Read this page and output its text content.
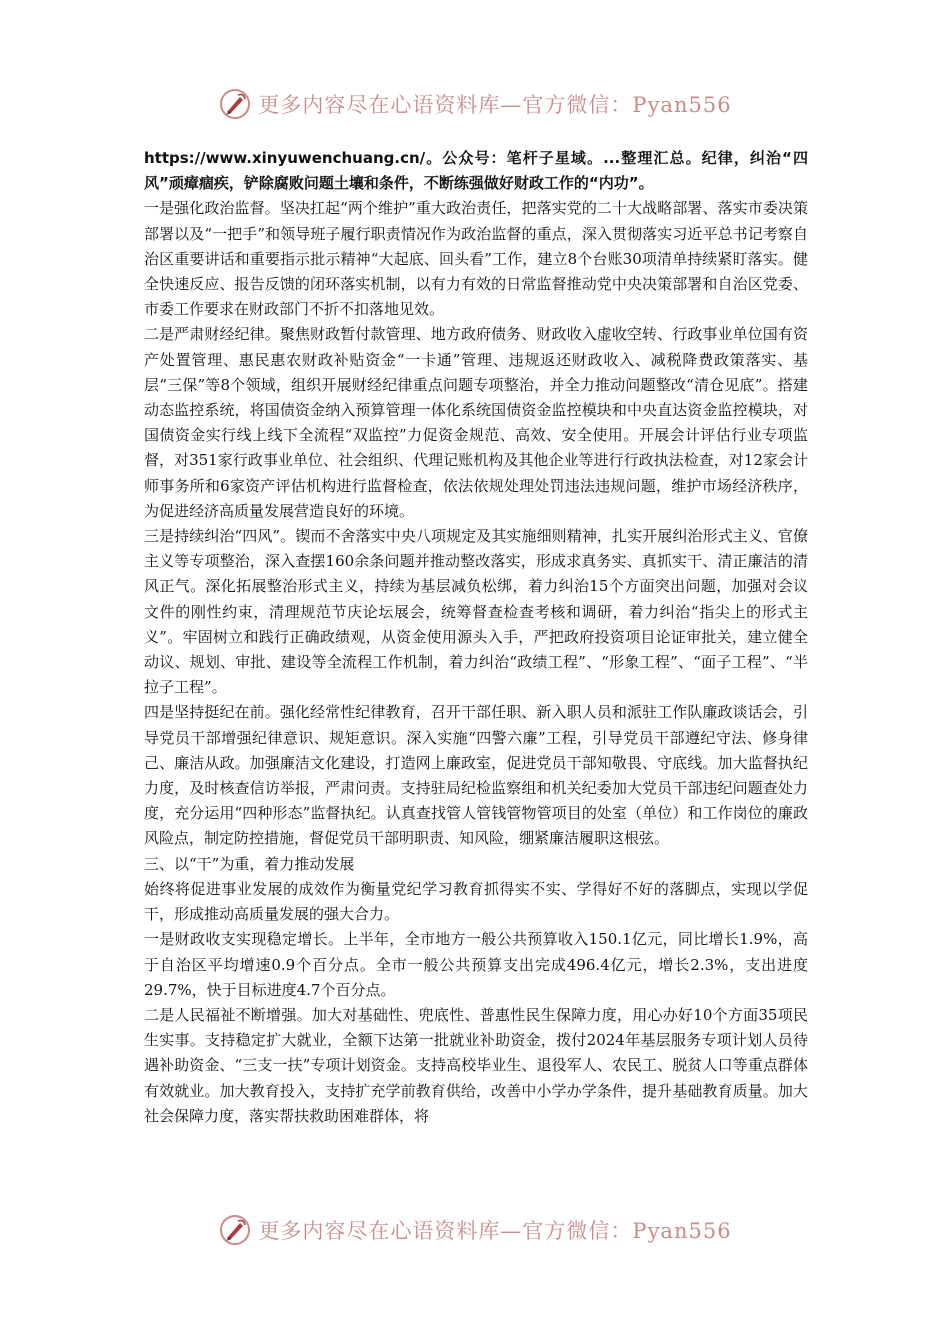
更多内容尽在心语资料库—官方微信：Pyan556

https://www.xinyuwenchuang.cn/。公众号：笔杆子星域。...整理汇总。纪律，纠治“四风”顽瘴痼疾，铲除腐败问题土壤和条件，不断练强做好财政工作的“内功”。

一是强化政治监督。坚决扛起“两个维护”重大政治责任，把落实党的二十大战略部署、落实市委决策部署以及“一把手”和领导班子履行职责情况作为政治监督的重点，深入贯彻落实习近平总书记考察自治区重要讲话和重要指示批示精神“大起底、回头看”工作，建立8个台账30项清单持续紧盯落实。健全快速反应、报告反馈的闭环落实机制，以有力有效的日常监督推动党中央决策部署和自治区党委、市委工作要求在财政部门不折不扣落地见效。

二是严肃财经纪律。聚焦财政暂付款管理、地方政府债务、财政收入虚收空转、行政事业单位国有资产处置管理、惠民惠农财政补贴资金“一卡通”管理、违规返还财政收入、减税降费政策落实、基层“三保”等8个领域，组织开展财经纪律重点问题专项整治，并全力推动问题整改“清仓见底”。搭建动态监控系统，将国债资金纳入预算管理一体化系统国债资金监控模块和中央直达资金监控模块，对国债资金实行线上线下全流程“双监控”力促资金规范、高效、安全使用。开展会计评估行业专项监督，对351家行政事业单位、社会组织、代理记账机构及其他企业等进行行政执法检查，对12家会计师事务所和6家资产评估机构进行监督检查，依法依规处理处罚违法违规问题，维护市场经济秩序，为促进经济高质量发展营造良好的环境。

三是持续纠治“四风”。锲而不舍落实中央八项规定及其实施细则精神，扎实开展纠治形式主义、官僚主义等专项整治，深入查摆160余条问题并推动整改落实，形成求真务实、真抓实干、清正廉洁的清风正气。深化拓展整治形式主义，持续为基层减负松绑，着力纠治15个方面突出问题，加强对会议文件的刚性约束，清理规范节庆论坛展会，统筹督查检查考核和调研，着力纠治“指尖上的形式主义”。牢固树立和践行正确政绩观，从资金使用源头入手，严把政府投资项目论证审批关，建立健全动议、规划、审批、建设等全流程工作机制，着力纠治“政绩工程”、“形象工程”、“面子工程”、“半拉子工程”。

四是坚持挺纪在前。强化经常性纪律教育，召开干部任职、新入职人员和派驻工作队廉政谈话会，引导党员干部增强纪律意识、规矩意识。深入实施“四警六廉”工程，引导党员干部遵纪守法、修身律己、廉洁从政。加强廉洁文化建设，打造网上廉政室，促进党员干部知敬畏、守底线。加大监督执纪力度，及时核查信访举报，严肃问责。支持驻局纪检监察组和机关纪委加大党员干部违纪问题查处力度，充分运用“四种形态”监督执纪。认真查找管人管钱管物管项目的处室（单位）和工作岗位的廉政风险点，制定防控措施，督促党员干部明职责、知风险，绷紧廉洁履职这根弦。

三、以“干”为重，着力推动发展

始终将促进事业发展的成效作为衡量党纪学习教育抓得实不实、学得好不好的落脚点，实现以学促干，形成推动高质量发展的强大合力。

一是财政收支实现稳定增长。上半年，全市地方一般公共预算收入150.1亿元，同比增长1.9%，高于自治区平均增速0.9个百分点。全市一般公共预算支出完成496.4亿元，增长2.3%，支出进度29.7%，快于目标进度4.7个百分点。

二是人民福祉不断增强。加大对基础性、兜底性、普惠性民生保障力度，用心办好10个方面35项民生实事。支持稳定扩大就业，全额下达第一批就业补助资金，拨付2024年基层服务专项计划人员待遇补助资金、“三支一扶”专项计划资金。支持高校毕业生、退役军人、农民工、脱贫人口等重点群体有效就业。加大教育投入，支持扩充学前教育供给，改善中小学办学条件，提升基础教育质量。加大社会保障力度，落实帮扶救助困难群体，将

更多内容尽在心语资料库—官方微信：Pyan556
